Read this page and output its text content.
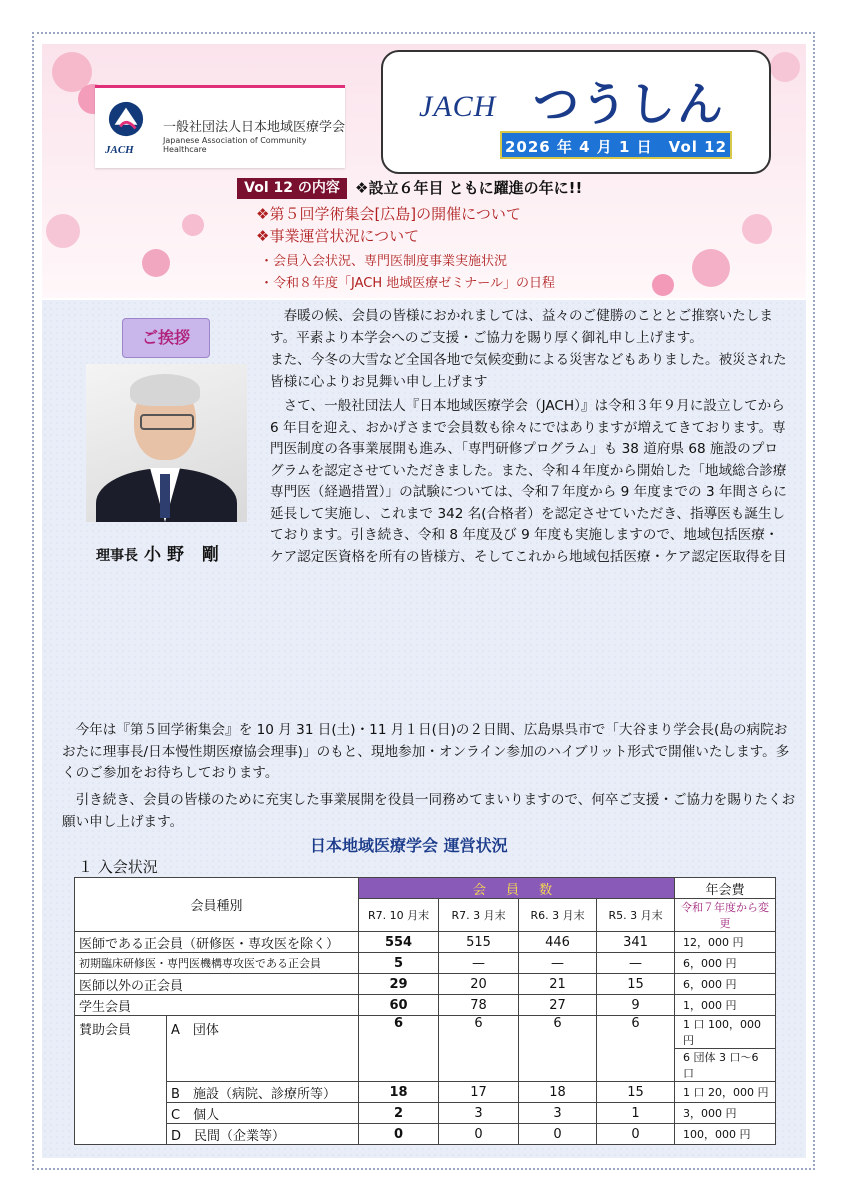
JACH
一般社団法人日本地域医療学会
Japanese Association of Community Healthcare
JACH つうしん
2026 年 4 月 1 日　Vol 12
Vol 12 の内容	❖設立６年目 ともに躍進の年に!!
❖第５回学術集会[広島]の開催について
❖事業運営状況について
・会員入会状況、専門医制度事業実施状況
・令和８年度「JACH 地域医療ゼミナール」の日程
ご挨拶
理事長 小野 剛

　春暖の候、会員の皆様におかれましては、益々のご健勝のこととご推察いたします。平素より本学会へのご支援・ご協力を賜り厚く御礼申し上げます。

また、今冬の大雪など全国各地で気候変動による災害などもありました。被災された皆様に心よりお見舞い申し上げます

　さて、一般社団法人『日本地域医療学会（JACH）』は令和３年９月に設立してから 6 年目を迎え、おかげさまで会員数も徐々にではありますが増えてきております。専門医制度の各事業展開も進み、「専門研修プログラム」も 38 道府県 68 施設のプログラムを認定させていただきました。また、令和４年度から開始した「地域総合診療専門医（経過措置）」の試験については、令和７年度から 9 年度までの 3 年間さらに延長して実施し、これまで 342 名(合格者）を認定させていただき、指導医も誕生しております。引き続き、令和 8 年度及び 9 年度も実施しますので、地域包括医療・ケア認定医資格を所有の皆様方、そしてこれから地域包括医療・ケア認定医取得を目

　今年は『第５回学術集会』を 10 月 31 日(土)・11 月１日(日)の２日間、広島県呉市で「大谷まり学会長(島の病院おおたに理事長/日本慢性期医療協会理事)」のもと、現地参加・オンライン参加のハイブリット形式で開催いたします。多くのご参加をお待ちしております。

　引き続き、会員の皆様のために充実した事業展開を役員一同務めてまいりますので、何卒ご支援・ご協力を賜りたくお願い申し上げます。

日本地域医療学会 運営状況
１ 入会状況
会員種別		会 員 数				年会費
		R7. 10 月末	R7. 3 月末	R6. 3 月末	R5. 3 月末	令和７年度から変更
医師である正会員（研修医・専攻医を除く）		554	515	446	341	12，000 円
初期臨床研修医・専門医機構専攻医である正会員		5	—	—	—	6，000 円
医師以外の正会員		29	20	21	15	6，000 円
学生会員		60	78	27	9	1，000 円
賛助会員	A　 団体	6	6	6	6	1 口 100，000 円
						6 団体 3 口～6 口
	B　 施設（病院、診療所等）	18	17	18	15	1 口 20，000 円
	C　 個人	2	3	3	1	3，000 円
	D　 民間（企業等）	0	0	0	0	100，000 円
